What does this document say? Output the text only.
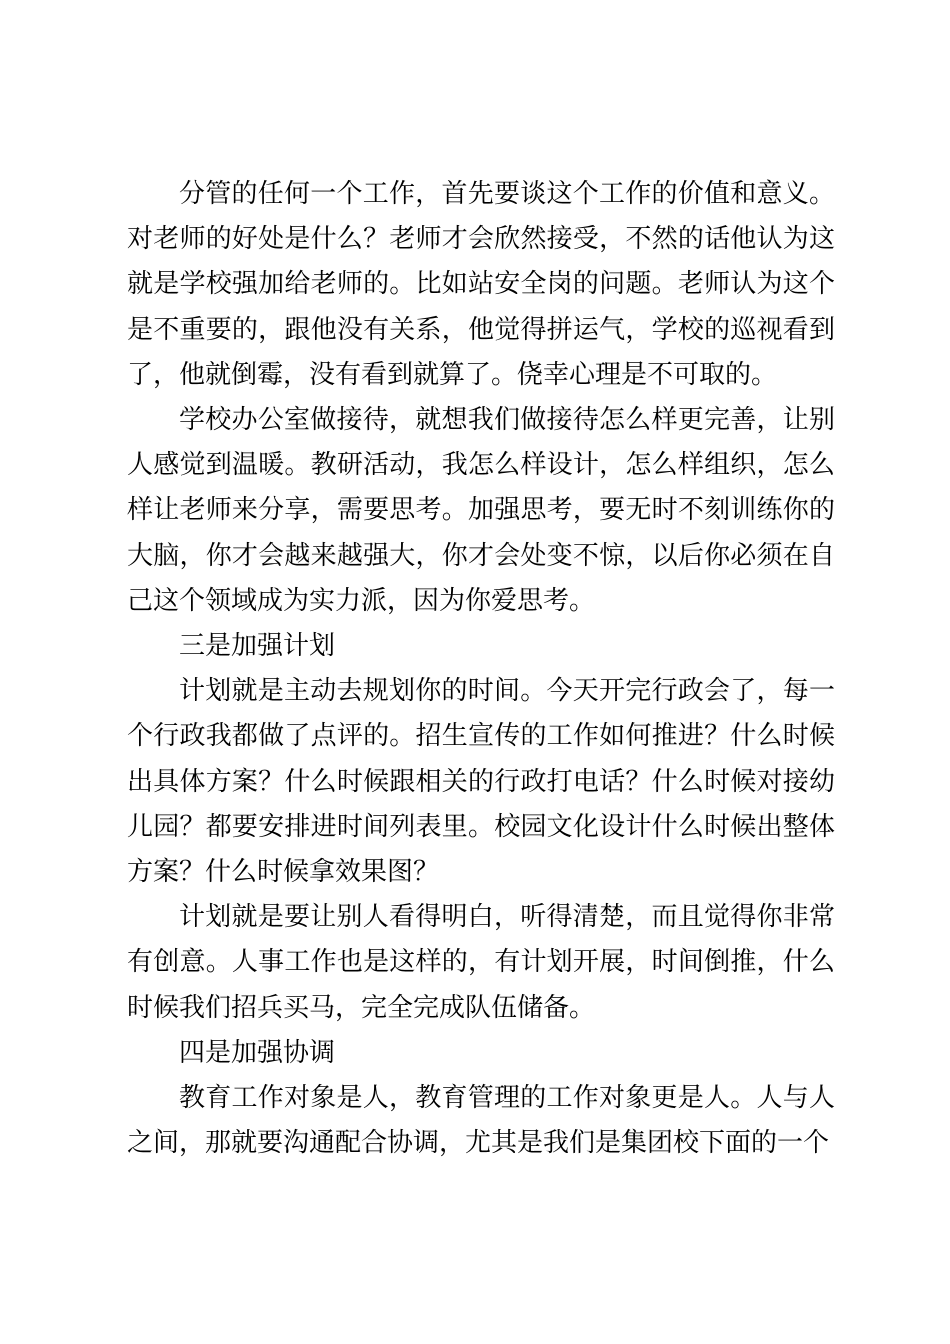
分管的任何一个工作，首先要谈这个工作的价值和意义。对老师的好处是什么？老师才会欣然接受，不然的话他认为这就是学校强加给老师的。比如站安全岗的问题。老师认为这个是不重要的，跟他没有关系，他觉得拼运气，学校的巡视看到了，他就倒霉，没有看到就算了。侥幸心理是不可取的。

学校办公室做接待，就想我们做接待怎么样更完善，让别人感觉到温暖。教研活动，我怎么样设计，怎么样组织，怎么样让老师来分享，需要思考。加强思考，要无时不刻训练你的大脑，你才会越来越强大，你才会处变不惊，以后你必须在自己这个领域成为实力派，因为你爱思考。

三是加强计划

计划就是主动去规划你的时间。今天开完行政会了，每一个行政我都做了点评的。招生宣传的工作如何推进？什么时候出具体方案？什么时候跟相关的行政打电话？什么时候对接幼儿园？都要安排进时间列表里。校园文化设计什么时候出整体方案？什么时候拿效果图？

计划就是要让别人看得明白，听得清楚，而且觉得你非常有创意。人事工作也是这样的，有计划开展，时间倒推，什么时候我们招兵买马，完全完成队伍储备。

四是加强协调

教育工作对象是人，教育管理的工作对象更是人。人与人之间，那就要沟通配合协调，尤其是我们是集团校下面的一个
